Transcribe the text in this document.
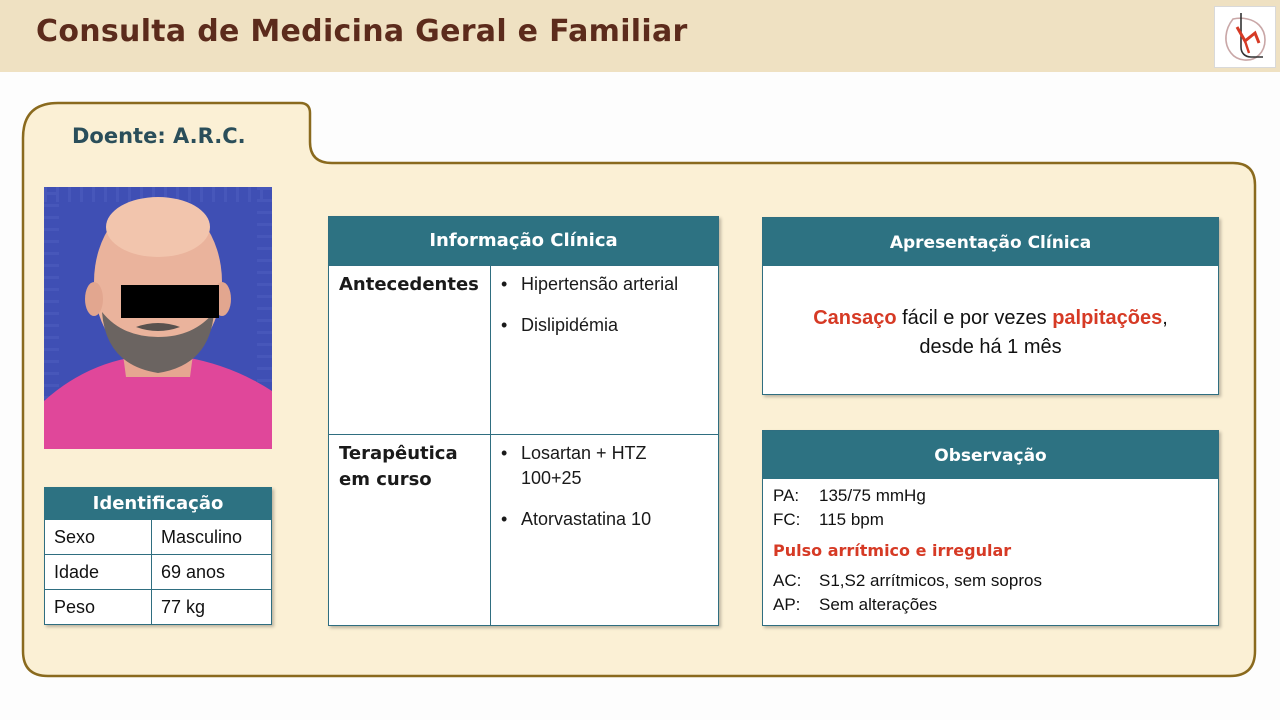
Consulta de Medicina Geral e Familiar
Doente: A.R.C.
Identificação	
Sexo	Masculino
Idade	69 anos
Peso	77 kg
Informação Clínica
Antecedentes	• Hipertensão arterial
• Dislipidémia
Terapêutica em curso
• Losartan + HTZ 100+25
• Atorvastatina 10
Apresentação Clínica
Cansaço fácil e por vezes palpitações,
desde há 1 mês
Observação
PA:	135/75 mmHg
FC:	115 bpm
Pulso arrítmico e irregular
AC:	S1,S2 arrítmicos, sem sopros
AP:	Sem alterações
